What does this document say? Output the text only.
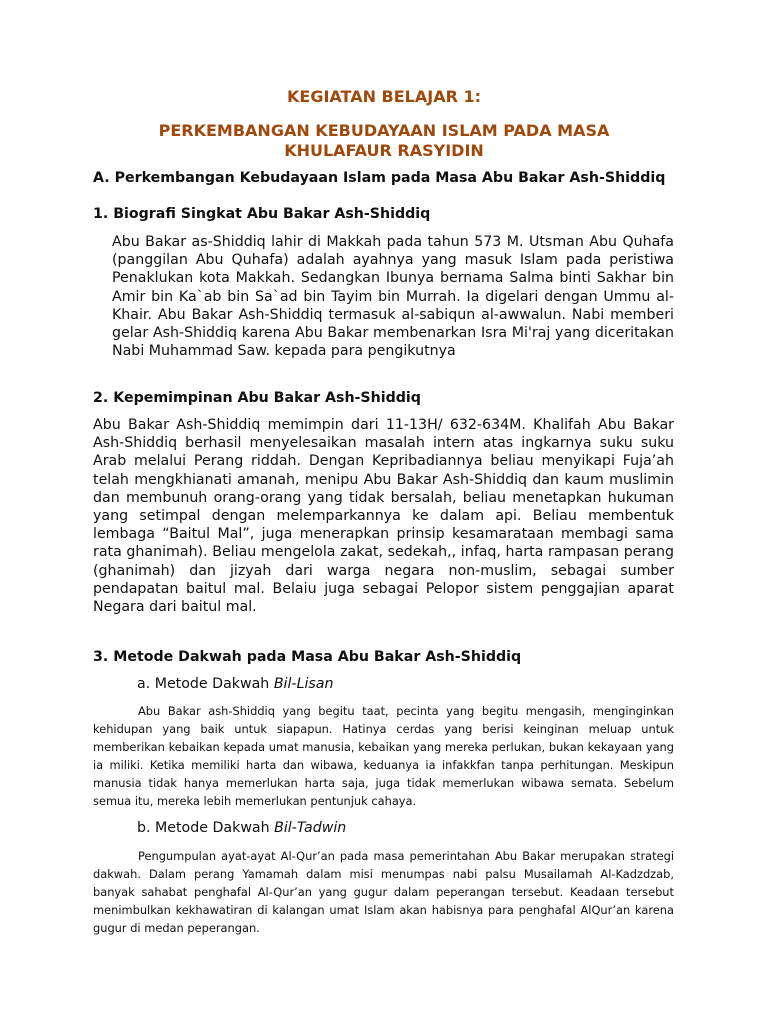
KEGIATAN BELAJAR 1:
PERKEMBANGAN KEBUDAYAAN ISLAM PADA MASA
KHULAFAUR RASYIDIN
A. Perkembangan Kebudayaan Islam pada Masa Abu Bakar Ash-Shiddiq
1. Biografi Singkat Abu Bakar Ash-Shiddiq

Abu Bakar as-Shiddiq lahir di Makkah pada tahun 573 M. Utsman Abu Quhafa (panggilan Abu Quhafa) adalah ayahnya yang masuk Islam pada peristiwa Penaklukan kota Makkah. Sedangkan Ibunya bernama Salma binti Sakhar bin Amir bin Ka`ab bin Sa`ad bin Tayim bin Murrah. Ia digelari dengan Ummu al-Khair. Abu Bakar Ash-Shiddiq termasuk al-sabiqun al-awwalun. Nabi memberi gelar Ash-Shiddiq karena Abu Bakar membenarkan Isra Mi'raj yang diceritakan Nabi Muhammad Saw. kepada para pengikutnya

2. Kepemimpinan Abu Bakar Ash-Shiddiq

Abu Bakar Ash-Shiddiq memimpin dari 11-13H/ 632-634M. Khalifah Abu Bakar Ash-Shiddiq berhasil menyelesaikan masalah intern atas ingkarnya suku suku Arab melalui Perang riddah. Dengan Kepribadiannya beliau menyikapi Fuja’ah telah mengkhianati amanah, menipu Abu Bakar Ash-Shiddiq dan kaum muslimin dan membunuh orang-orang yang tidak bersalah, beliau menetapkan hukuman yang setimpal dengan melemparkannya ke dalam api. Beliau membentuk lembaga “Baitul Mal”, juga menerapkan prinsip kesamarataan membagi sama rata ghanimah). Beliau mengelola zakat, sedekah,, infaq, harta rampasan perang (ghanimah) dan jizyah dari warga negara non-muslim, sebagai sumber pendapatan baitul mal. Belaiu juga sebagai Pelopor sistem penggajian aparat Negara dari baitul mal.

3. Metode Dakwah pada Masa Abu Bakar Ash-Shiddiq
a. Metode Dakwah Bil-Lisan

Abu Bakar ash-Shiddiq yang begitu taat, pecinta yang begitu mengasih, menginginkan kehidupan yang baik untuk siapapun. Hatinya cerdas yang berisi keinginan meluap untuk memberikan kebaikan kepada umat manusia, kebaikan yang mereka perlukan, bukan kekayaan yang ia miliki. Ketika memiliki harta dan wibawa, keduanya ia infakkfan tanpa perhitungan. Meskipun manusia tidak hanya memerlukan harta saja, juga tidak memerlukan wibawa semata. Sebelum semua itu, mereka lebih memerlukan pentunjuk cahaya.

b. Metode Dakwah Bil-Tadwin

Pengumpulan ayat-ayat Al-Qur’an pada masa pemerintahan Abu Bakar merupakan strategi dakwah. Dalam perang Yamamah dalam misi menumpas nabi palsu Musailamah Al-Kadzdzab, banyak sahabat penghafal Al-Qur’an yang gugur dalam peperangan tersebut. Keadaan tersebut menimbulkan kekhawatiran di kalangan umat Islam akan habisnya para penghafal AlQur’an karena gugur di medan peperangan.
